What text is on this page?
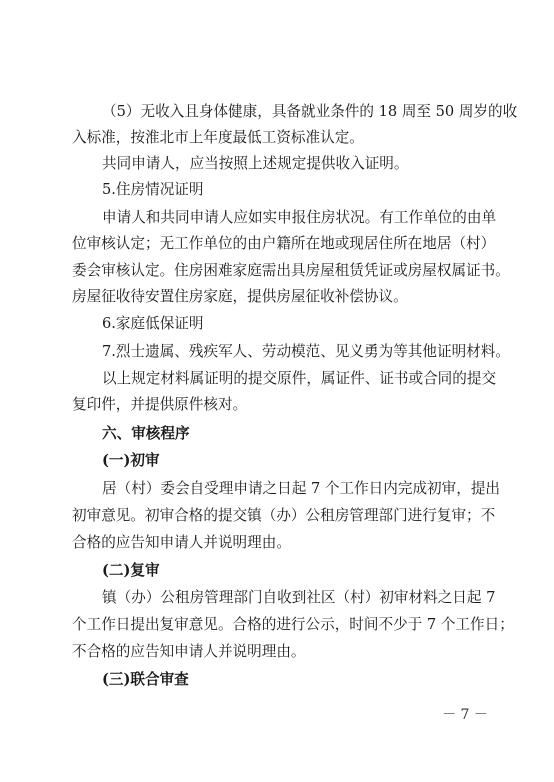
（5）无收入且身体健康，具备就业条件的 18 周至 50 周岁的收

入标准，按淮北市上年度最低工资标准认定。

共同申请人，应当按照上述规定提供收入证明。

5.住房情况证明

申请人和共同申请人应如实申报住房状况。有工作单位的由单

位审核认定；无工作单位的由户籍所在地或现居住所在地居（村）

委会审核认定。住房困难家庭需出具房屋租赁凭证或房屋权属证书。

房屋征收待安置住房家庭，提供房屋征收补偿协议。

6.家庭低保证明

7.烈士遗属、残疾军人、劳动模范、见义勇为等其他证明材料。

以上规定材料属证明的提交原件，属证件、证书或合同的提交

复印件，并提供原件核对。

六、审核程序

(一)初审

居（村）委会自受理申请之日起 7 个工作日内完成初审，提出

初审意见。初审合格的提交镇（办）公租房管理部门进行复审；不

合格的应告知申请人并说明理由。

(二)复审

镇（办）公租房管理部门自收到社区（村）初审材料之日起 7

个工作日提出复审意见。合格的进行公示，时间不少于 7 个工作日；

不合格的应告知申请人并说明理由。

(三)联合审查

－ 7 －
